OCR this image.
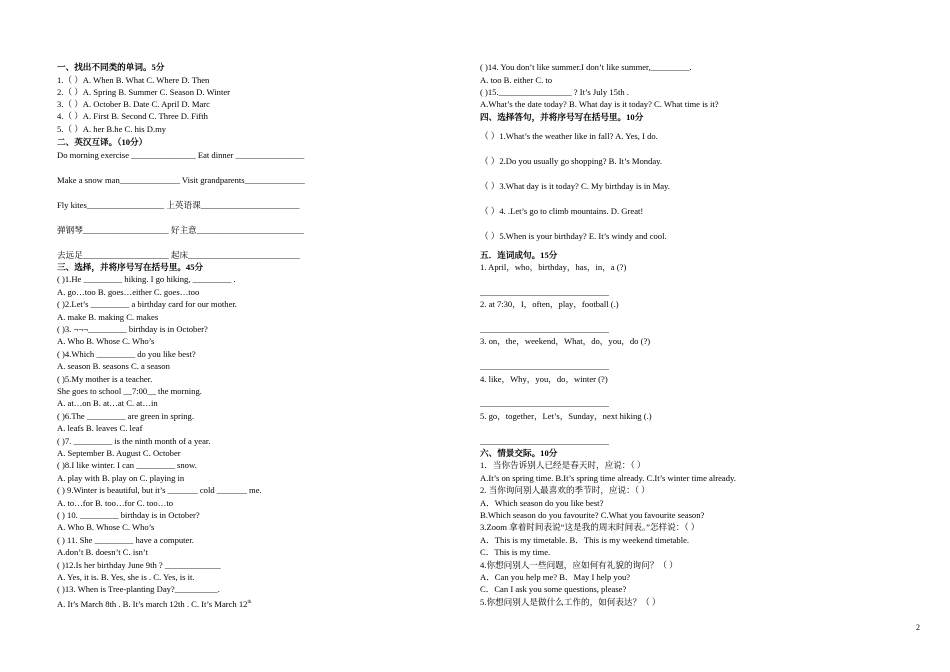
一、找出不同类的单词。5分
1.（ ）A. When B. What C. Where D. Then
2.（ ）A. Spring B. Summer C. Season D. Winter
3.（ ）A. October B. Date C. April D. Marc
4.（ ）A. First B. Second C. Three D. Fifth
5.（ ）A. her B.he C. his D.my
二、英汉互译。（10分）
Do morning exercise _______________ Eat dinner ________________
Make a snow man______________ Visit grandparents______________
Fly kites__________________ 上英语课_______________________
弹钢琴____________________ 好主意_________________________
去远足____________________ 起床__________________________
三、选择，并将序号写在括号里。45分
( )1.He _________ hiking. I go hiking, _________ .
A. go…too B. goes…either C. goes…too
( )2.Let’s _________ a birthday card for our mother.
A. make B. making C. makes
( )3. ¬¬¬_________ birthday is in October?
A. Who B. Whose C. Who’s
( )4.Which _________ do you like best?
A. season B. seasons C. a season
( )5.My mother is a teacher.
She goes to school __7:00__ the morning.
A. at…on B. at…at C. at…in
( )6.The _________ are green in spring.
A. leafs B. leaves C. leaf
( )7. _________ is the ninth month of a year.
A. September B. August C. October
( )8.I like winter. I can _________ snow.
A. play with B. play on C. playing in
( ) 9.Winter is beautiful, but it’s _______ cold _______ me.
A. to…for B. too…for C. too…to
( ) 10. _________ birthday is in October?
A. Who B. Whose C. Who’s
( ) 11. She _________ have a computer.
A.don’t B. doesn’t C. isn’t
( )12.Is her birthday June 9th ? _____________
A. Yes, it is. B. Yes, she is . C. Yes, is it.
( )13. When is Tree-planting Day?__________.
A. It’s March 8th . B. It’s march 12th . C. It’s March 12th
( )14. You don’t like summer.I don’t like summer,_________.
A. too B. either C. to
( )15._________________ ? It’s July 15th .
A.What’s the date today? B. What day is it today? C. What time is it?
四、选择答句，并将序号写在括号里。10分
（ ）1.What’s the weather like in fall? A. Yes, I do.
（ ）2.Do you usually go shopping? B. It’s Monday.
（ ）3.What day is it today? C. My birthday is in May.
（ ）4. .Let’s go to climb mountains. D. Great!
（ ）5.When is your birthday? E. It’s windy and cool.
五．连词成句。15分
1. April，who，birthday，has，in，a (?)
______________________________
2. at 7:30，I，often，play，football (.)
______________________________
3. on，the，weekend，What，do，you，do (?)
______________________________
4. like，Why，you，do，winter (?)
______________________________
5. go，together，Let’s，Sunday，next hiking (.)
______________________________
六、情景交际。10分
1．当你告诉别人已经是春天时，应说：（ ）
A.It’s on spring time. B.It’s spring time already. C.It’s winter time already.
2. 当你询问别人最喜欢的季节时，应说：（ ）
A．Which season do you like best?
B.Which season do you favourite? C.What you favourite season?
3.Zoom 拿着时间表说“这是我的周末时间表。”怎样说：（ ）
A．This is my timetable. B．This is my weekend timetable.
C．This is my time.
4.你想问别人一些问题，应如何有礼貌的询问？（ ）
A．Can you help me? B．May I help you?
C．Can I ask you some questions, please?
5.你想问别人是做什么工作的，如何表达？（ ）
2
